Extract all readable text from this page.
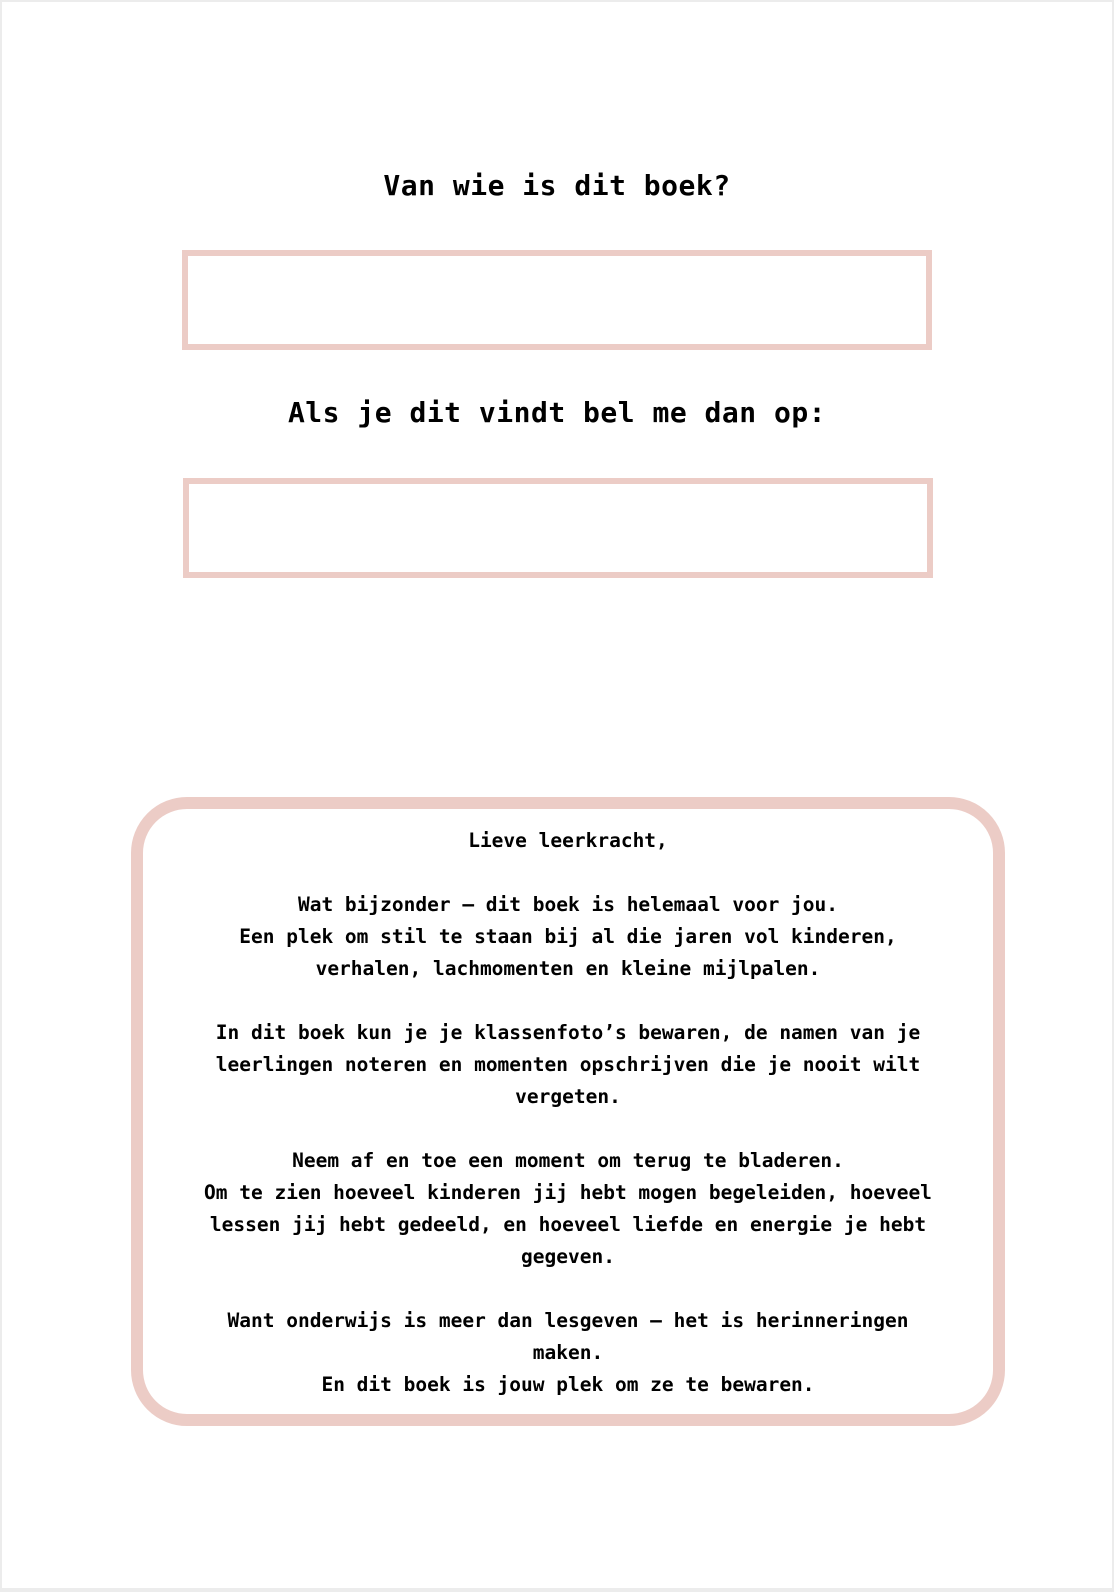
Van wie is dit boek?
Als je dit vindt bel me dan op:

Lieve leerkracht,

Wat bijzonder – dit boek is helemaal voor jou.
Een plek om stil te staan bij al die jaren vol kinderen,
verhalen, lachmomenten en kleine mijlpalen.

In dit boek kun je je klassenfoto’s bewaren, de namen van je
leerlingen noteren en momenten opschrijven die je nooit wilt
vergeten.

Neem af en toe een moment om terug te bladeren.
Om te zien hoeveel kinderen jij hebt mogen begeleiden, hoeveel
lessen jij hebt gedeeld, en hoeveel liefde en energie je hebt
gegeven.

Want onderwijs is meer dan lesgeven – het is herinneringen
maken.
En dit boek is jouw plek om ze te bewaren.
